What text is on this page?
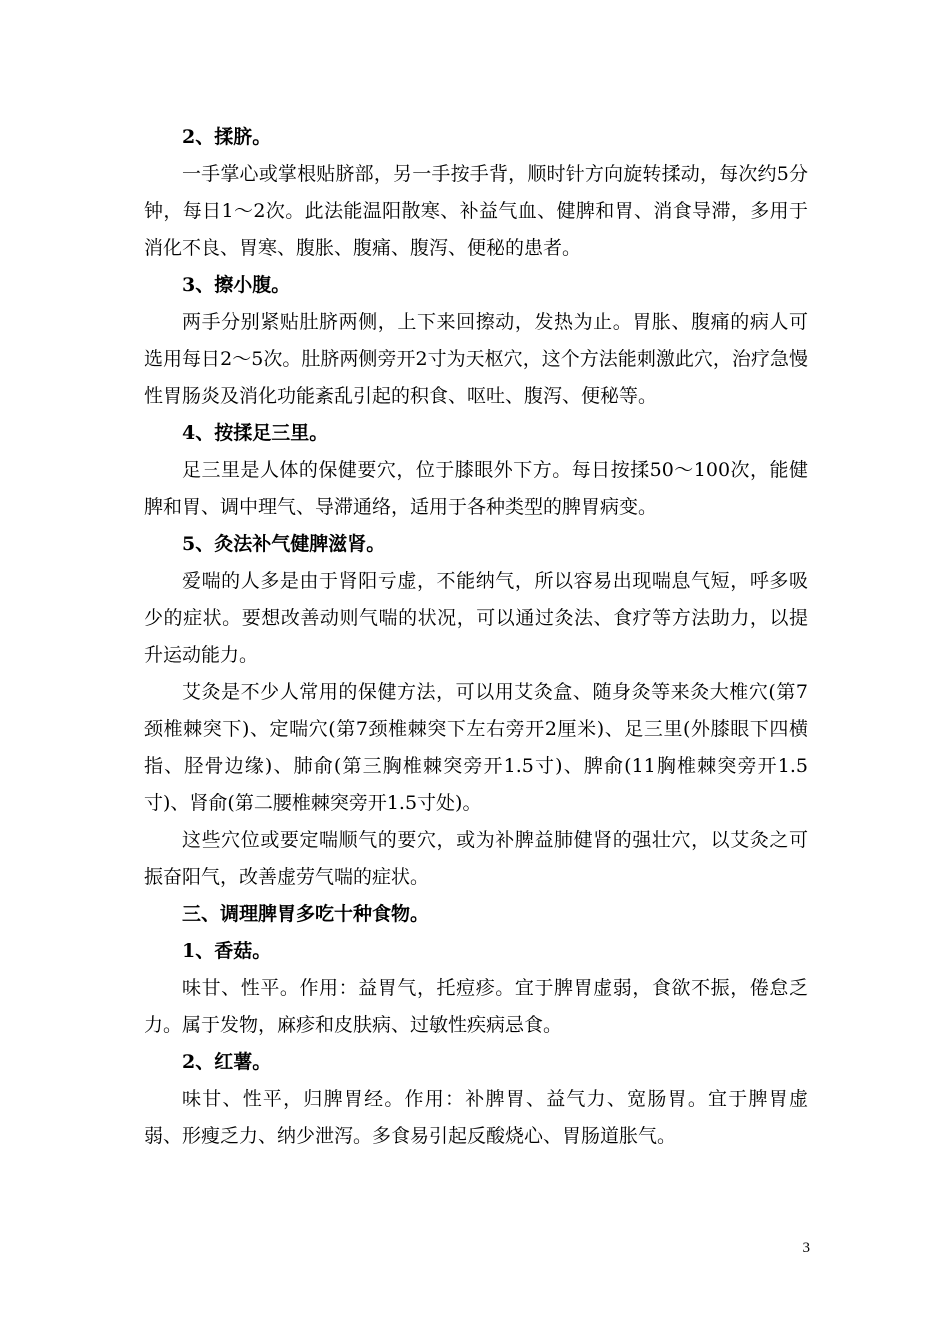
2、揉脐。

一手掌心或掌根贴脐部，另一手按手背，顺时针方向旋转揉动，每次约5分钟，每日1～2次。此法能温阳散寒、补益气血、健脾和胃、消食导滞，多用于消化不良、胃寒、腹胀、腹痛、腹泻、便秘的患者。

3、擦小腹。

两手分别紧贴肚脐两侧，上下来回擦动，发热为止。胃胀、腹痛的病人可选用每日2～5次。肚脐两侧旁开2寸为天枢穴，这个方法能刺激此穴，治疗急慢性胃肠炎及消化功能紊乱引起的积食、呕吐、腹泻、便秘等。

4、按揉足三里。

足三里是人体的保健要穴，位于膝眼外下方。每日按揉50～100次，能健脾和胃、调中理气、导滞通络，适用于各种类型的脾胃病变。

5、灸法补气健脾滋肾。

爱喘的人多是由于肾阳亏虚，不能纳气，所以容易出现喘息气短，呼多吸少的症状。要想改善动则气喘的状况，可以通过灸法、食疗等方法助力，以提升运动能力。

艾灸是不少人常用的保健方法，可以用艾灸盒、随身灸等来灸大椎穴(第7颈椎棘突下)、定喘穴(第7颈椎棘突下左右旁开2厘米)、足三里(外膝眼下四横指、胫骨边缘)、肺俞(第三胸椎棘突旁开1.5寸)、脾俞(11胸椎棘突旁开1.5寸)、肾俞(第二腰椎棘突旁开1.5寸处)。

这些穴位或要定喘顺气的要穴，或为补脾益肺健肾的强壮穴，以艾灸之可振奋阳气，改善虚劳气喘的症状。

三、调理脾胃多吃十种食物。

1、香菇。

味甘、性平。作用：益胃气，托痘疹。宜于脾胃虚弱，食欲不振，倦怠乏力。属于发物，麻疹和皮肤病、过敏性疾病忌食。

2、红薯。

味甘、性平，归脾胃经。作用：补脾胃、益气力、宽肠胃。宜于脾胃虚弱、形瘦乏力、纳少泄泻。多食易引起反酸烧心、胃肠道胀气。

3
